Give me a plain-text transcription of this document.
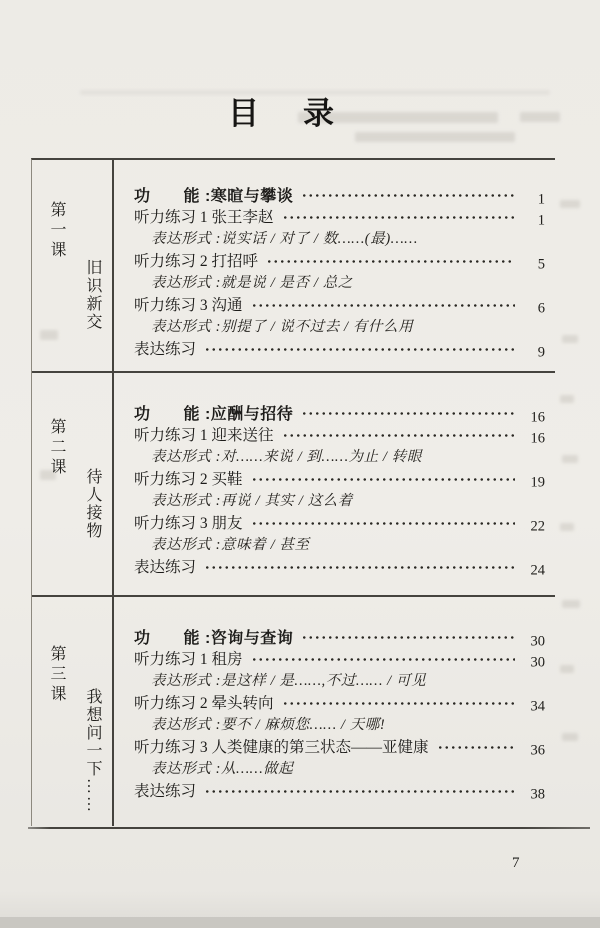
目录
第一课
旧识新交
功　　能 :寒暄与攀谈	1
听力练习 1 张王李赵	1
表达形式 :说实话 / 对了 / 数……(最)……
听力练习 2 打招呼	5
表达形式 :就是说 / 是否 / 总之
听力练习 3 沟通	6
表达形式 :别提了 / 说不过去 / 有什么用
表达练习	9
第二课
待人接物
功　　能 :应酬与招待	16
听力练习 1 迎来送往	16
表达形式 :对……来说 / 到……为止 / 转眼
听力练习 2 买鞋	19
表达形式 :再说 / 其实 / 这么着
听力练习 3 朋友	22
表达形式 :意味着 / 甚至
表达练习	24
第三课
我想问一下……
功　　能 :咨询与查询	30
听力练习 1 租房	30
表达形式 :是这样 / 是……,不过…… / 可见
听力练习 2 晕头转向	34
表达形式 :要不 / 麻烦您…… / 天哪!
听力练习 3 人类健康的第三状态——亚健康	36
表达形式 :从……做起
表达练习	38
7
